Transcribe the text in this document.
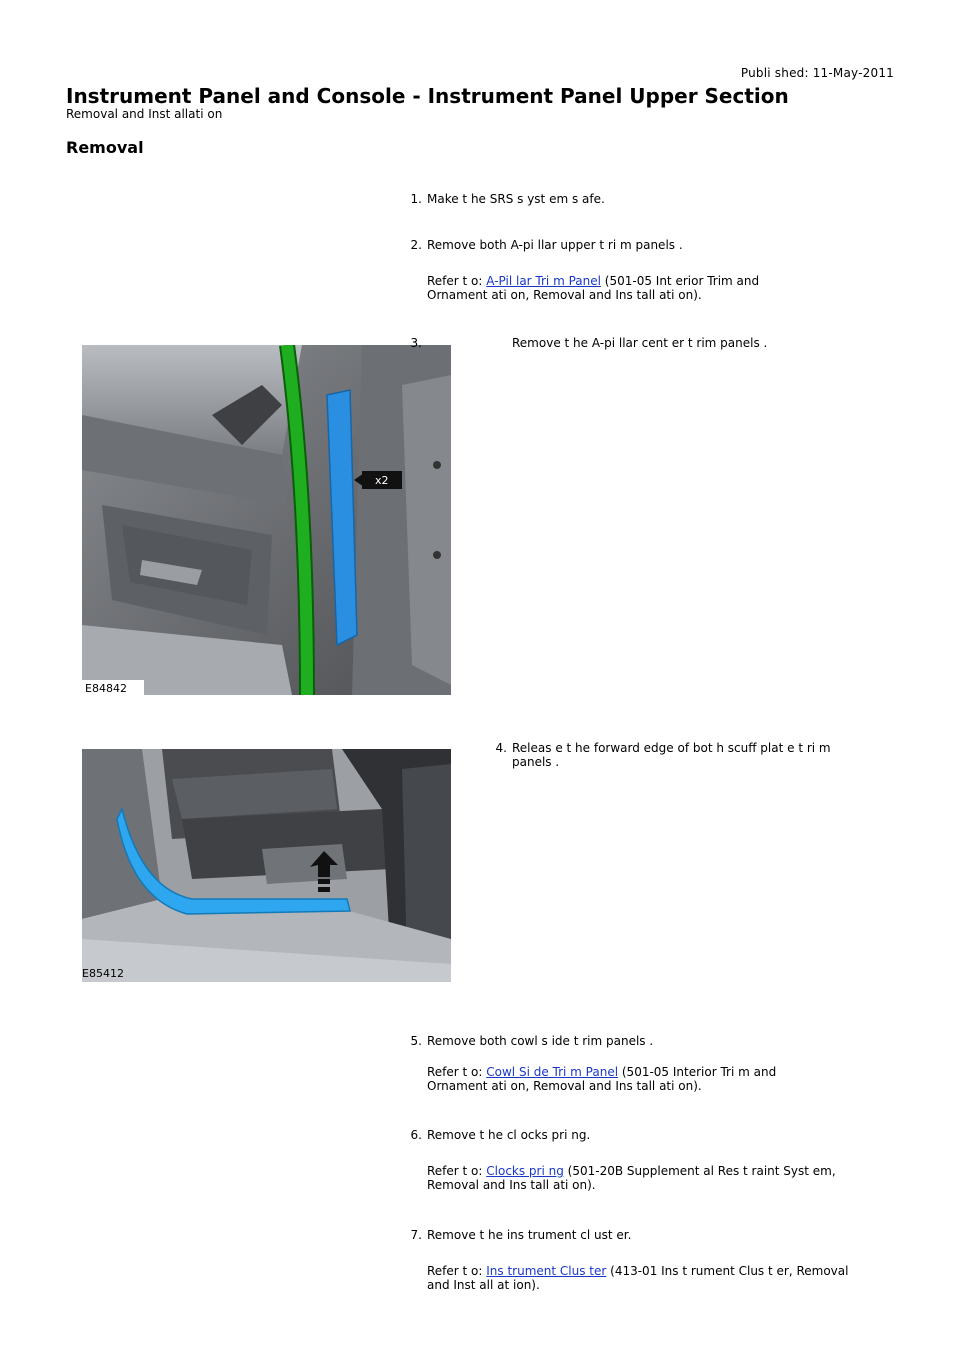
Publi shed: 11-May-2011
Instrument Panel and Console - Instrument Panel Upper Section
Removal and Inst allati on
Removal
1. Make t he SRS s yst em s afe.
2. Remove both A-pi llar upper t ri m panels .
Refer t o: A-Pil lar Tri m Panel (501-05 Int erior Trim and
Ornament ati on, Removal and Ins tall ati on).
E84842
x2
3.	Remove t he A-pi llar cent er t rim panels .
4. Releas e t he forward edge of bot h scuff plat e t ri m
panels .
E85412
5. Remove both cowl s ide t rim panels .
Refer t o: Cowl Si de Tri m Panel (501-05 Interior Tri m and
Ornament ati on, Removal and Ins tall ati on).
6. Remove t he cl ocks pri ng.
Refer t o: Clocks pri ng (501-20B Supplement al Res t raint Syst em,
Removal and Ins tall ati on).
7. Remove t he ins trument cl ust er.
Refer t o: Ins trument Clus ter (413-01 Ins t rument Clus t er, Removal
and Inst all at ion).
